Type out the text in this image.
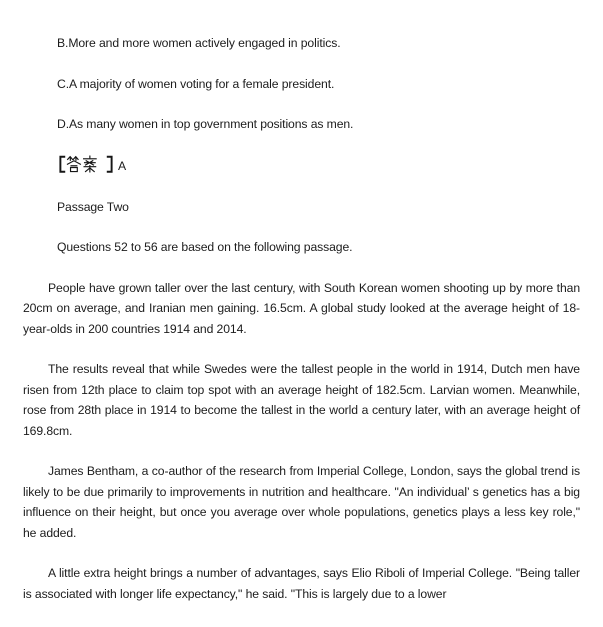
B.More and more women actively engaged in politics.

C.A majority of women voting for a female president.

D.As many women in top government positions as men.

A

Passage Two

Questions 52 to 56 are based on the following passage.

People have grown taller over the last century, with South Korean women shooting up by more than 20cm on average, and Iranian men gaining. 16.5cm. A global study looked at the average height of 18-year-olds in 200 countries 1914 and 2014.

The results reveal that while Swedes were the tallest people in the world in 1914, Dutch men have risen from 12th place to claim top spot with an average height of 182.5cm. Larvian women. Meanwhile, rose from 28th place in 1914 to become the tallest in the world a century later, with an average height of 169.8cm.

James Bentham, a co-author of the research from Imperial College, London, says the global trend is likely to be due primarily to improvements in nutrition and healthcare. "An individual’ s genetics has a big influence on their height, but once you average over whole populations, genetics plays a less key role," he added.

A little extra height brings a number of advantages, says Elio Riboli of Imperial College. "Being taller is associated with longer life expectancy," he said. "This is largely due to a lower
